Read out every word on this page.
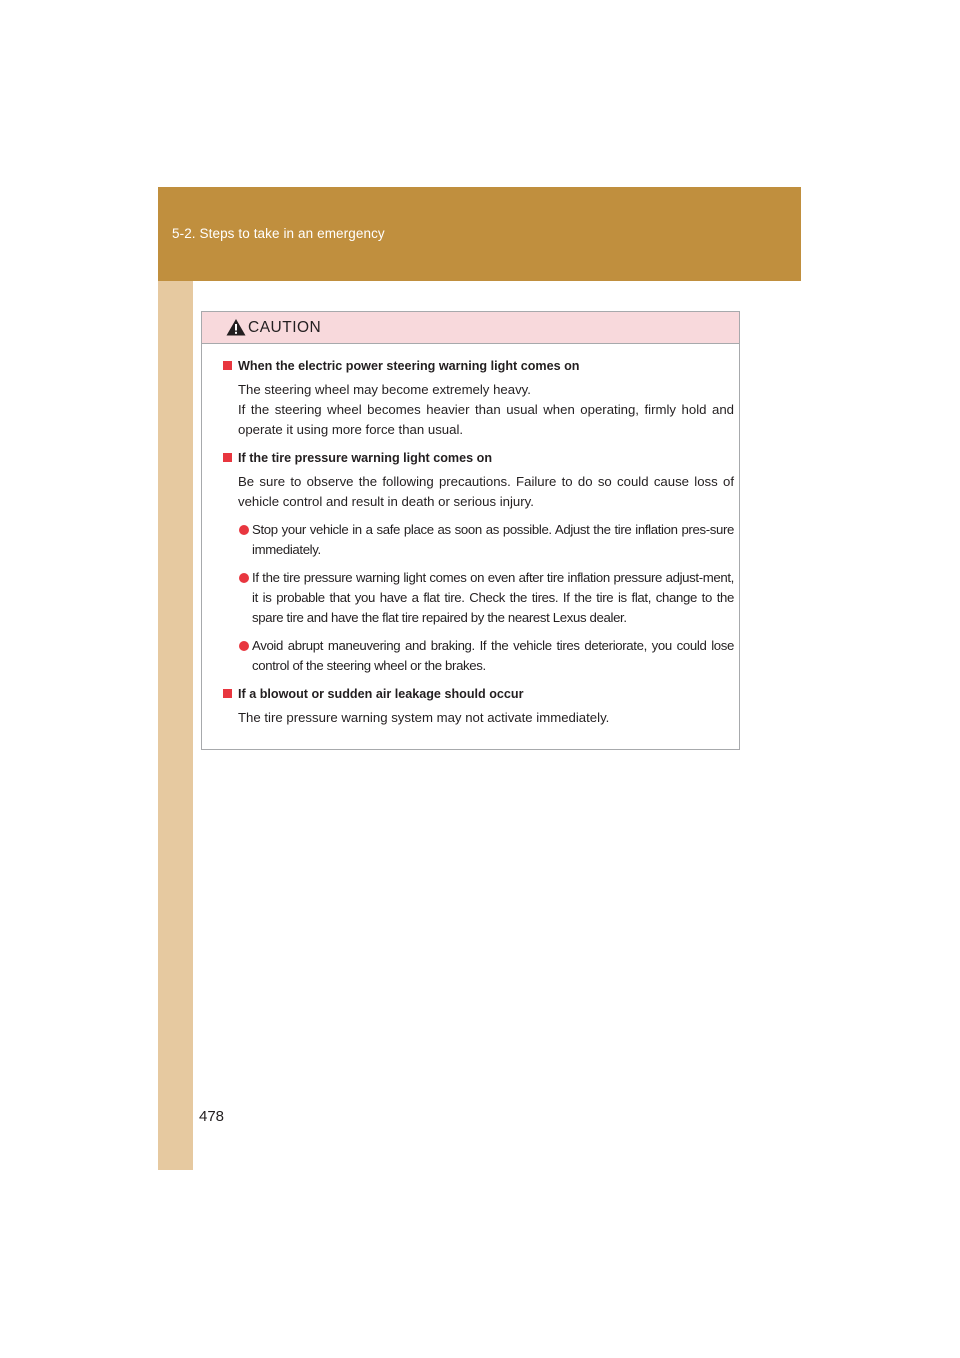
5-2. Steps to take in an emergency
CAUTION
When the electric power steering warning light comes on
The steering wheel may become extremely heavy.
If the steering wheel becomes heavier than usual when operating, firmly hold and operate it using more force than usual.
If the tire pressure warning light comes on
Be sure to observe the following precautions. Failure to do so could cause loss of vehicle control and result in death or serious injury.
Stop your vehicle in a safe place as soon as possible. Adjust the tire inflation pres-sure immediately.
If the tire pressure warning light comes on even after tire inflation pressure adjust-ment, it is probable that you have a flat tire. Check the tires. If the tire is flat, change to the spare tire and have the flat tire repaired by the nearest Lexus dealer.
Avoid abrupt maneuvering and braking. If the vehicle tires deteriorate, you could lose control of the steering wheel or the brakes.
If a blowout or sudden air leakage should occur
The tire pressure warning system may not activate immediately.
478
